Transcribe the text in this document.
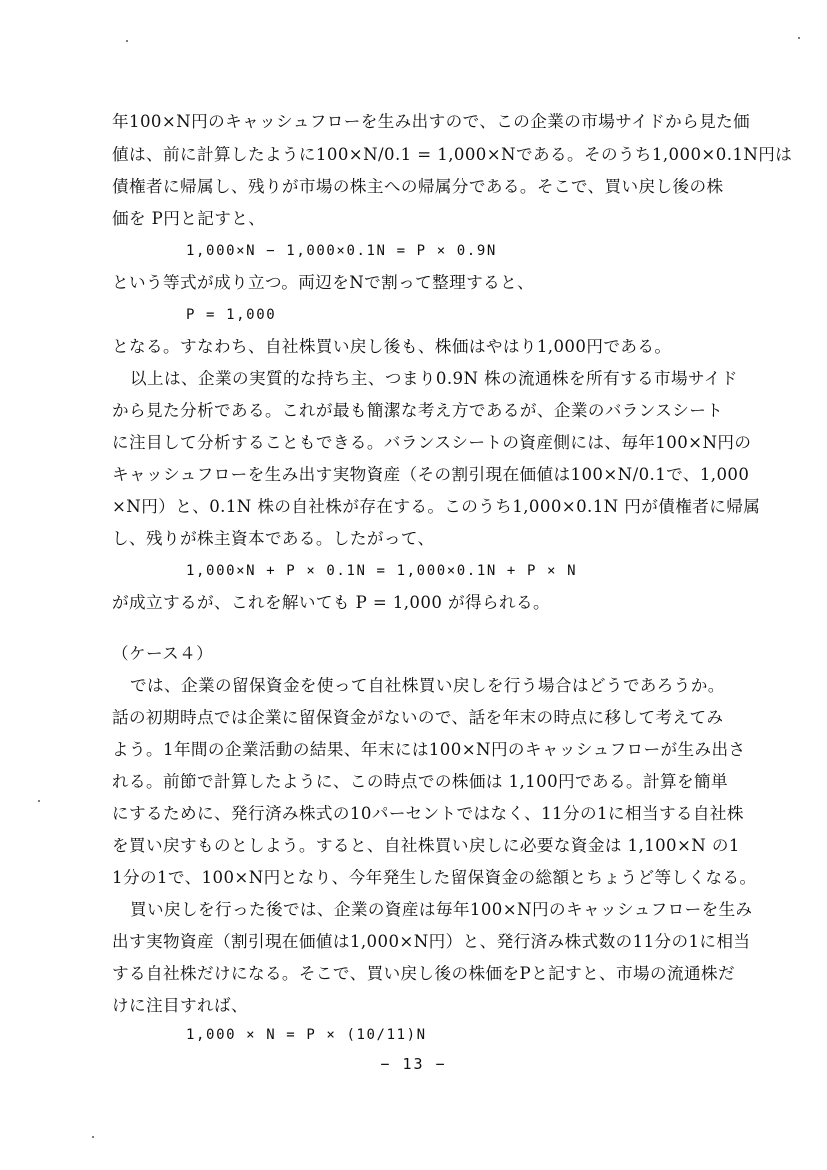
年100×N円のキャッシュフローを生み出すので、この企業の市場サイドから見た価
値は、前に計算したように100×N/0.1 = 1,000×Nである。そのうち1,000×0.1N円は
債権者に帰属し、残りが市場の株主への帰属分である。そこで、買い戻し後の株
価を P円と記すと、
1,000×N − 1,000×0.1N = P × 0.9N
という等式が成り立つ。両辺をNで割って整理すると、
P = 1,000
となる。すなわち、自社株買い戻し後も、株価はやはり1,000円である。
以上は、企業の実質的な持ち主、つまり0.9N 株の流通株を所有する市場サイド
から見た分析である。これが最も簡潔な考え方であるが、企業のバランスシート
に注目して分析することもできる。バランスシートの資産側には、毎年100×N円の
キャッシュフローを生み出す実物資産（その割引現在価値は100×N/0.1で、1,000
×N円）と、0.1N 株の自社株が存在する。このうち1,000×0.1N 円が債権者に帰属
し、残りが株主資本である。したがって、
1,000×N + P × 0.1N = 1,000×0.1N + P × N
が成立するが、これを解いても P = 1,000 が得られる。
（ケース４）
では、企業の留保資金を使って自社株買い戻しを行う場合はどうであろうか。
話の初期時点では企業に留保資金がないので、話を年末の時点に移して考えてみ
よう。1年間の企業活動の結果、年末には100×N円のキャッシュフローが生み出さ
れる。前節で計算したように、この時点での株価は 1,100円である。計算を簡単
にするために、発行済み株式の10パーセントではなく、11分の1に相当する自社株
を買い戻すものとしよう。すると、自社株買い戻しに必要な資金は 1,100×N の1
1分の1で、100×N円となり、今年発生した留保資金の総額とちょうど等しくなる。
買い戻しを行った後では、企業の資産は毎年100×N円のキャッシュフローを生み
出す実物資産（割引現在価値は1,000×N円）と、発行済み株式数の11分の1に相当
する自社株だけになる。そこで、買い戻し後の株価をPと記すと、市場の流通株だ
けに注目すれば、
1,000 × N = P × (10/11)N
− 13 −
